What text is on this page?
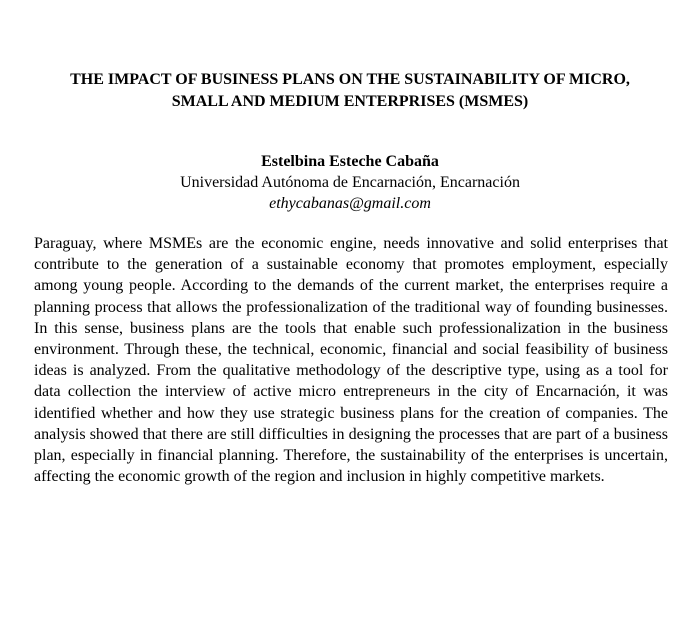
THE IMPACT OF BUSINESS PLANS ON THE SUSTAINABILITY OF MICRO, SMALL AND MEDIUM ENTERPRISES (MSMES)
Estelbina Esteche Cabaña
Universidad Autónoma de Encarnación, Encarnación
ethycabanas@gmail.com

Paraguay, where MSMEs are the economic engine, needs innovative and solid enterprises that contribute to the generation of a sustainable economy that promotes employment, especially among young people. According to the demands of the current market, the enterprises require a planning process that allows the professionalization of the traditional way of founding businesses. In this sense, business plans are the tools that enable such professionalization in the business environment. Through these, the technical, economic, financial and social feasibility of business ideas is analyzed. From the qualitative methodology of the descriptive type, using as a tool for data collection the interview of active micro entrepreneurs in the city of Encarnación, it was identified whether and how they use strategic business plans for the creation of companies. The analysis showed that there are still difficulties in designing the processes that are part of a business plan, especially in financial planning. Therefore, the sustainability of the enterprises is uncertain, affecting the economic growth of the region and inclusion in highly competitive markets.
